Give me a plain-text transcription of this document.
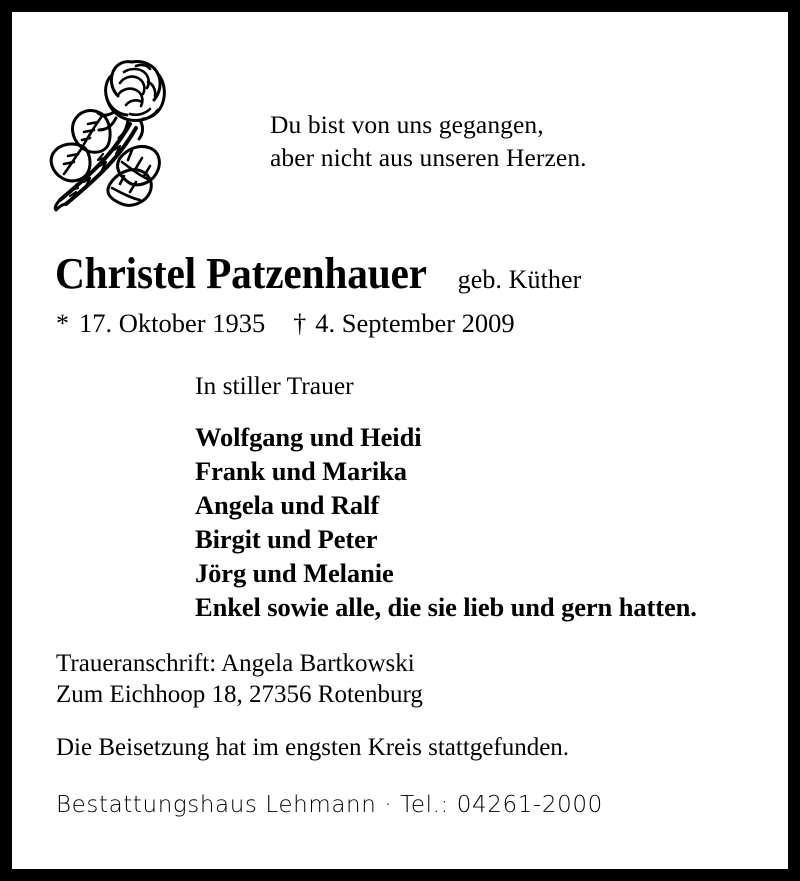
Du bist von uns gegangen,
aber nicht aus unseren Herzen.
Christel Patzenhauer geb. Küther
* 17. Oktober 1935 † 4. September 2009
In stiller Trauer
Wolfgang und Heidi
Frank und Marika
Angela und Ralf
Birgit und Peter
Jörg und Melanie
Enkel sowie alle, die sie lieb und gern hatten.
Traueranschrift: Angela Bartkowski
Zum Eichhoop 18, 27356 Rotenburg
Die Beisetzung hat im engsten Kreis stattgefunden.
Bestattungshaus Lehmann · Tel.: 04261-2000
